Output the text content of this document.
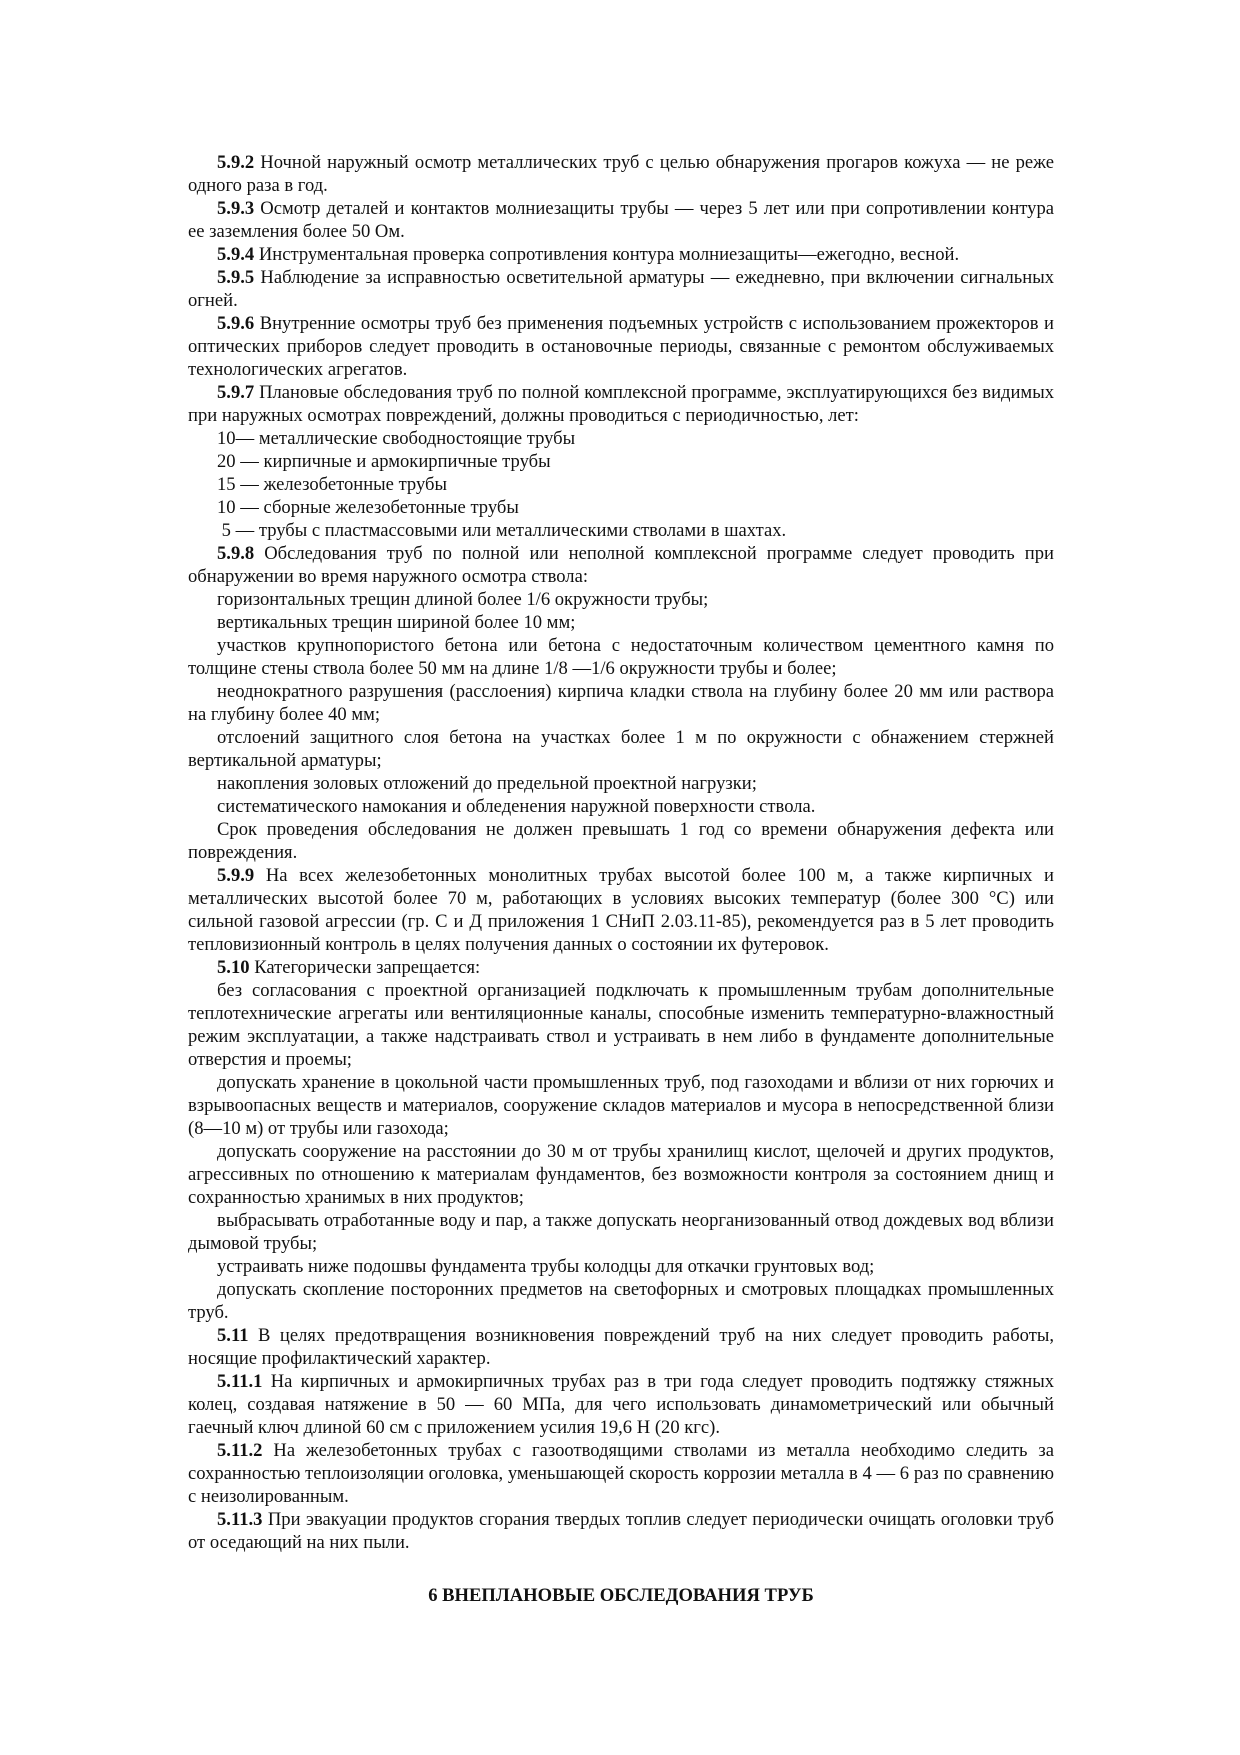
5.9.2 Ночной наружный осмотр металлических труб с целью обнаружения прогаров кожуха — не реже одного раза в год.

5.9.3 Осмотр деталей и контактов молниезащиты трубы — через 5 лет или при сопротивлении контура ее заземления более 50 Ом.

5.9.4 Инструментальная проверка сопротивления контура молниезащиты—ежегодно, весной.

5.9.5 Наблюдение за исправностью осветительной арматуры — ежедневно, при включении сигнальных огней.

5.9.6 Внутренние осмотры труб без применения подъемных устройств с использованием прожекторов и оптических приборов следует проводить в остановочные периоды, связанные с ремонтом обслуживаемых технологических агрегатов.

5.9.7 Плановые обследования труб по полной комплексной программе, эксплуатирующихся без видимых при наружных осмотрах повреждений, должны проводиться с периодичностью, лет:

10— металлические свободностоящие трубы

20 — кирпичные и армокирпичные трубы

15 — железобетонные трубы

10 — сборные железобетонные трубы

5 — трубы с пластмассовыми или металлическими стволами в шахтах.

5.9.8 Обследования труб по полной или неполной комплексной программе следует проводить при обнаружении во время наружного осмотра ствола:

горизонтальных трещин длиной более 1/6 окружности трубы;

вертикальных трещин шириной более 10 мм;

участков крупнопористого бетона или бетона с недостаточным количеством цементного камня по толщине стены ствола более 50 мм на длине 1/8 —1/6 окружности трубы и более;

неоднократного разрушения (расслоения) кирпича кладки ствола на глубину более 20 мм или раствора на глубину более 40 мм;

отслоений защитного слоя бетона на участках более 1 м по окружности с обнажением стержней вертикальной арматуры;

накопления золовых отложений до предельной проектной нагрузки;

систематического намокания и обледенения наружной поверхности ствола.

Срок проведения обследования не должен превышать 1 год со времени обнаружения дефекта или повреждения.

5.9.9 На всех железобетонных монолитных трубах высотой более 100 м, а также кирпичных и металлических высотой более 70 м, работающих в условиях высоких температур (более 300 °С) или сильной газовой агрессии (гр. С и Д приложения 1 СНиП 2.03.11-85), рекомендуется раз в 5 лет проводить тепловизионный контроль в целях получения данных о состоянии их футеровок.

5.10 Категорически запрещается:

без согласования с проектной организацией подключать к промышленным трубам дополнительные теплотехнические агрегаты или вентиляционные каналы, способные изменить температурно-влажностный режим эксплуатации, а также надстраивать ствол и устраивать в нем либо в фундаменте дополнительные отверстия и проемы;

допускать хранение в цокольной части промышленных труб, под газоходами и вблизи от них горючих и взрывоопасных веществ и материалов, сооружение складов материалов и мусора в непосредственной близи (8—10 м) от трубы или газохода;

допускать сооружение на расстоянии до 30 м от трубы хранилищ кислот, щелочей и других продуктов, агрессивных по отношению к материалам фундаментов, без возможности контроля за состоянием днищ и сохранностью хранимых в них продуктов;

выбрасывать отработанные воду и пар, а также допускать неорганизованный отвод дождевых вод вблизи дымовой трубы;

устраивать ниже подошвы фундамента трубы колодцы для откачки грунтовых вод;

допускать скопление посторонних предметов на светофорных и смотровых площадках промышленных труб.

5.11 В целях предотвращения возникновения повреждений труб на них следует проводить работы, носящие профилактический характер.

5.11.1 На кирпичных и армокирпичных трубах раз в три года следует проводить подтяжку стяжных колец, создавая натяжение в 50 — 60 МПа, для чего использовать динамометрический или обычный гаечный ключ длиной 60 см с приложением усилия 19,6 Н (20 кгс).

5.11.2 На железобетонных трубах с газоотводящими стволами из металла необходимо следить за сохранностью теплоизоляции оголовка, уменьшающей скорость коррозии металла в 4 — 6 раз по сравнению с неизолированным.

5.11.3 При эвакуации продуктов сгорания твердых топлив следует периодически очищать оголовки труб от оседающий на них пыли.

6 ВНЕПЛАНОВЫЕ ОБСЛЕДОВАНИЯ ТРУБ
